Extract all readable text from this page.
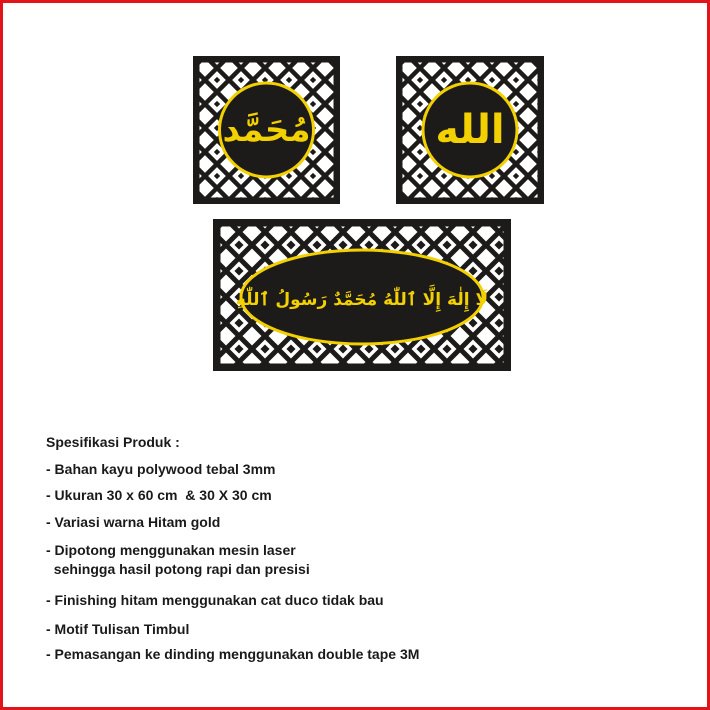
مُحَمَّد	الله
لَا إِلٰهَ إِلَّا ٱللّٰهُ مُحَمَّدٌ رَسُولُ ٱللّٰهِ
Spesifikasi Produk :
- Bahan kayu polywood tebal 3mm
- Ukuran 30 x 60 cm  & 30 X 30 cm
- Variasi warna Hitam gold
- Dipotong menggunakan mesin laser
sehingga hasil potong rapi dan presisi
- Finishing hitam menggunakan cat duco tidak bau
- Motif Tulisan Timbul
- Pemasangan ke dinding menggunakan double tape 3M
